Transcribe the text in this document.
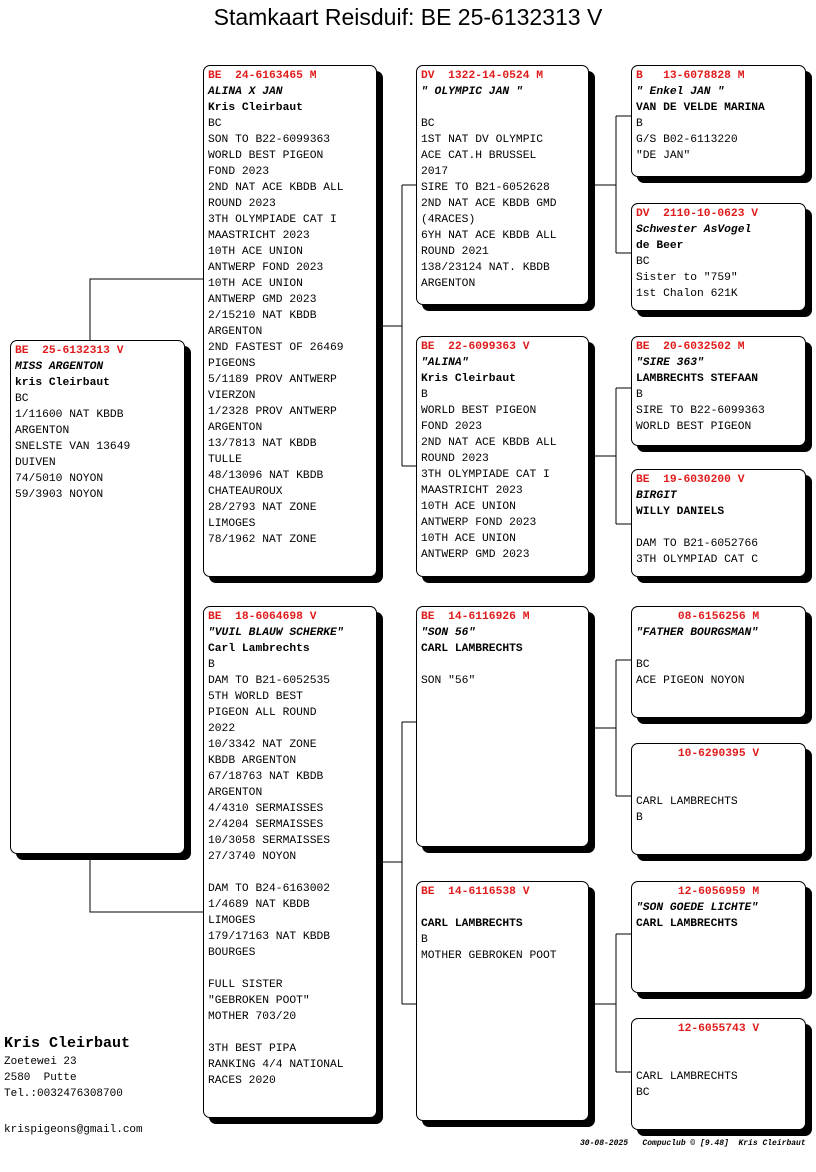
Stamkaart Reisduif: BE 25-6132313 V
BE  25-6132313 V
MISS ARGENTON
kris Cleirbaut
BC
1/11600 NAT KBDB
ARGENTON
SNELSTE VAN 13649
DUIVEN
74/5010 NOYON
59/3903 NOYON
BE  24-6163465 M
ALINA X JAN
Kris Cleirbaut
BC
SON TO B22-6099363
WORLD BEST PIGEON
FOND 2023
2ND NAT ACE KBDB ALL
ROUND 2023
3TH OLYMPIADE CAT I
MAASTRICHT 2023
10TH ACE UNION
ANTWERP FOND 2023
10TH ACE UNION
ANTWERP GMD 2023
2/15210 NAT KBDB
ARGENTON
2ND FASTEST OF 26469
PIGEONS
5/1189 PROV ANTWERP
VIERZON
1/2328 PROV ANTWERP
ARGENTON
13/7813 NAT KBDB
TULLE
48/13096 NAT KBDB
CHATEAUROUX
28/2793 NAT ZONE
LIMOGES
78/1962 NAT ZONE
BE  18-6064698 V
"VUIL BLAUW SCHERKE"
Carl Lambrechts
B
DAM TO B21-6052535
5TH WORLD BEST
PIGEON ALL ROUND
2022
10/3342 NAT ZONE
KBDB ARGENTON
67/18763 NAT KBDB
ARGENTON
4/4310 SERMAISSES
2/4204 SERMAISSES
10/3058 SERMAISSES
27/3740 NOYON
DAM TO B24-6163002
1/4689 NAT KBDB
LIMOGES
179/17163 NAT KBDB
BOURGES
FULL SISTER
"GEBROKEN POOT"
MOTHER 703/20
3TH BEST PIPA
RANKING 4/4 NATIONAL
RACES 2020
DV  1322-14-0524 M
" OLYMPIC JAN "
BC
1ST NAT DV OLYMPIC
ACE CAT.H BRUSSEL
2017
SIRE TO B21-6052628
2ND NAT ACE KBDB GMD
(4RACES)
6YH NAT ACE KBDB ALL
ROUND 2021
138/23124 NAT. KBDB
ARGENTON
BE  22-6099363 V
"ALINA"
Kris Cleirbaut
B
WORLD BEST PIGEON
FOND 2023
2ND NAT ACE KBDB ALL
ROUND 2023
3TH OLYMPIADE CAT I
MAASTRICHT 2023
10TH ACE UNION
ANTWERP FOND 2023
10TH ACE UNION
ANTWERP GMD 2023
BE  14-6116926 M
"SON 56"
CARL LAMBRECHTS
SON "56"
BE  14-6116538 V
CARL LAMBRECHTS
B
MOTHER GEBROKEN POOT
B   13-6078828 M
" Enkel JAN "
VAN DE VELDE MARINA
B
G/S B02-6113220
"DE JAN"
DV  2110-10-0623 V
Schwester AsVogel
de Beer
BC
Sister to "759"
1st Chalon 621K
BE  20-6032502 M
"SIRE 363"
LAMBRECHTS STEFAAN
B
SIRE TO B22-6099363
WORLD BEST PIGEON
BE  19-6030200 V
BIRGIT
WILLY DANIELS
DAM TO B21-6052766
3TH OLYMPIAD CAT C
08-6156256 M
"FATHER BOURGSMAN"
BC
ACE PIGEON NOYON
10-6290395 V
CARL LAMBRECHTS
B
12-6056959 M
"SON GOEDE LICHTE"
CARL LAMBRECHTS
12-6055743 V
CARL LAMBRECHTS
BC
Kris Cleirbaut
Zoetewei 23
2580  Putte
Tel.:0032476308700
krispigeons@gmail.com
30-08-2025 Compuclub © [9.48]  Kris Cleirbaut
